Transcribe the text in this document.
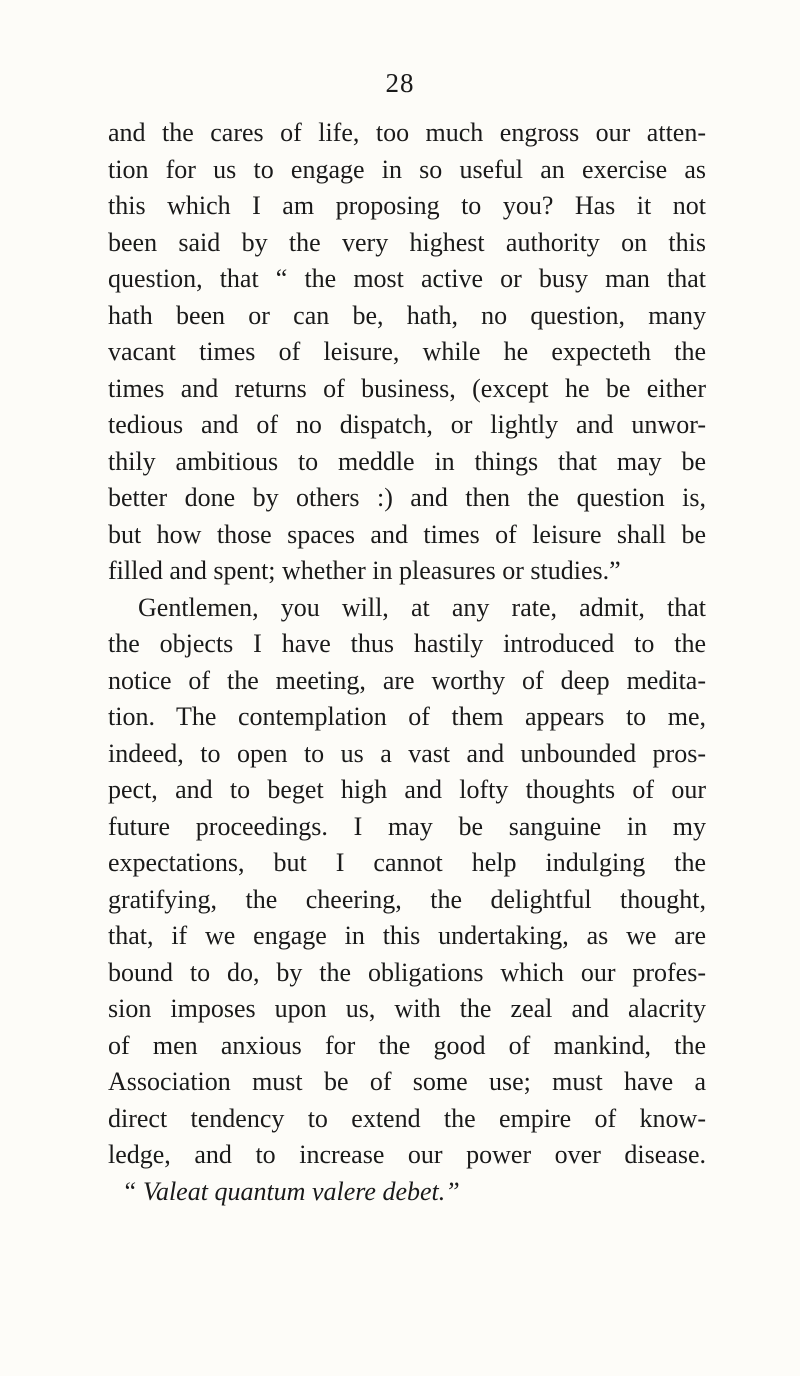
28
and the cares of life, too much engross our atten-
tion for us to engage in so useful an exercise as
this which I am proposing to you? Has it not
been said by the very highest authority on this
question, that “ the most active or busy man that
hath been or can be, hath, no question, many
vacant times of leisure, while he expecteth the
times and returns of business, (except he be either
tedious and of no dispatch, or lightly and unwor-
thily ambitious to meddle in things that may be
better done by others :) and then the question is,
but how those spaces and times of leisure shall be
filled and spent; whether in pleasures or studies.”
Gentlemen, you will, at any rate, admit, that
the objects I have thus hastily introduced to the
notice of the meeting, are worthy of deep medita-
tion. The contemplation of them appears to me,
indeed, to open to us a vast and unbounded pros-
pect, and to beget high and lofty thoughts of our
future proceedings. I may be sanguine in my
expectations, but I cannot help indulging the
gratifying, the cheering, the delightful thought,
that, if we engage in this undertaking, as we are
bound to do, by the obligations which our profes-
sion imposes upon us, with the zeal and alacrity
of men anxious for the good of mankind, the
Association must be of some use; must have a
direct tendency to extend the empire of know-
ledge, and to increase our power over disease.
“ Valeat quantum valere debet.”
